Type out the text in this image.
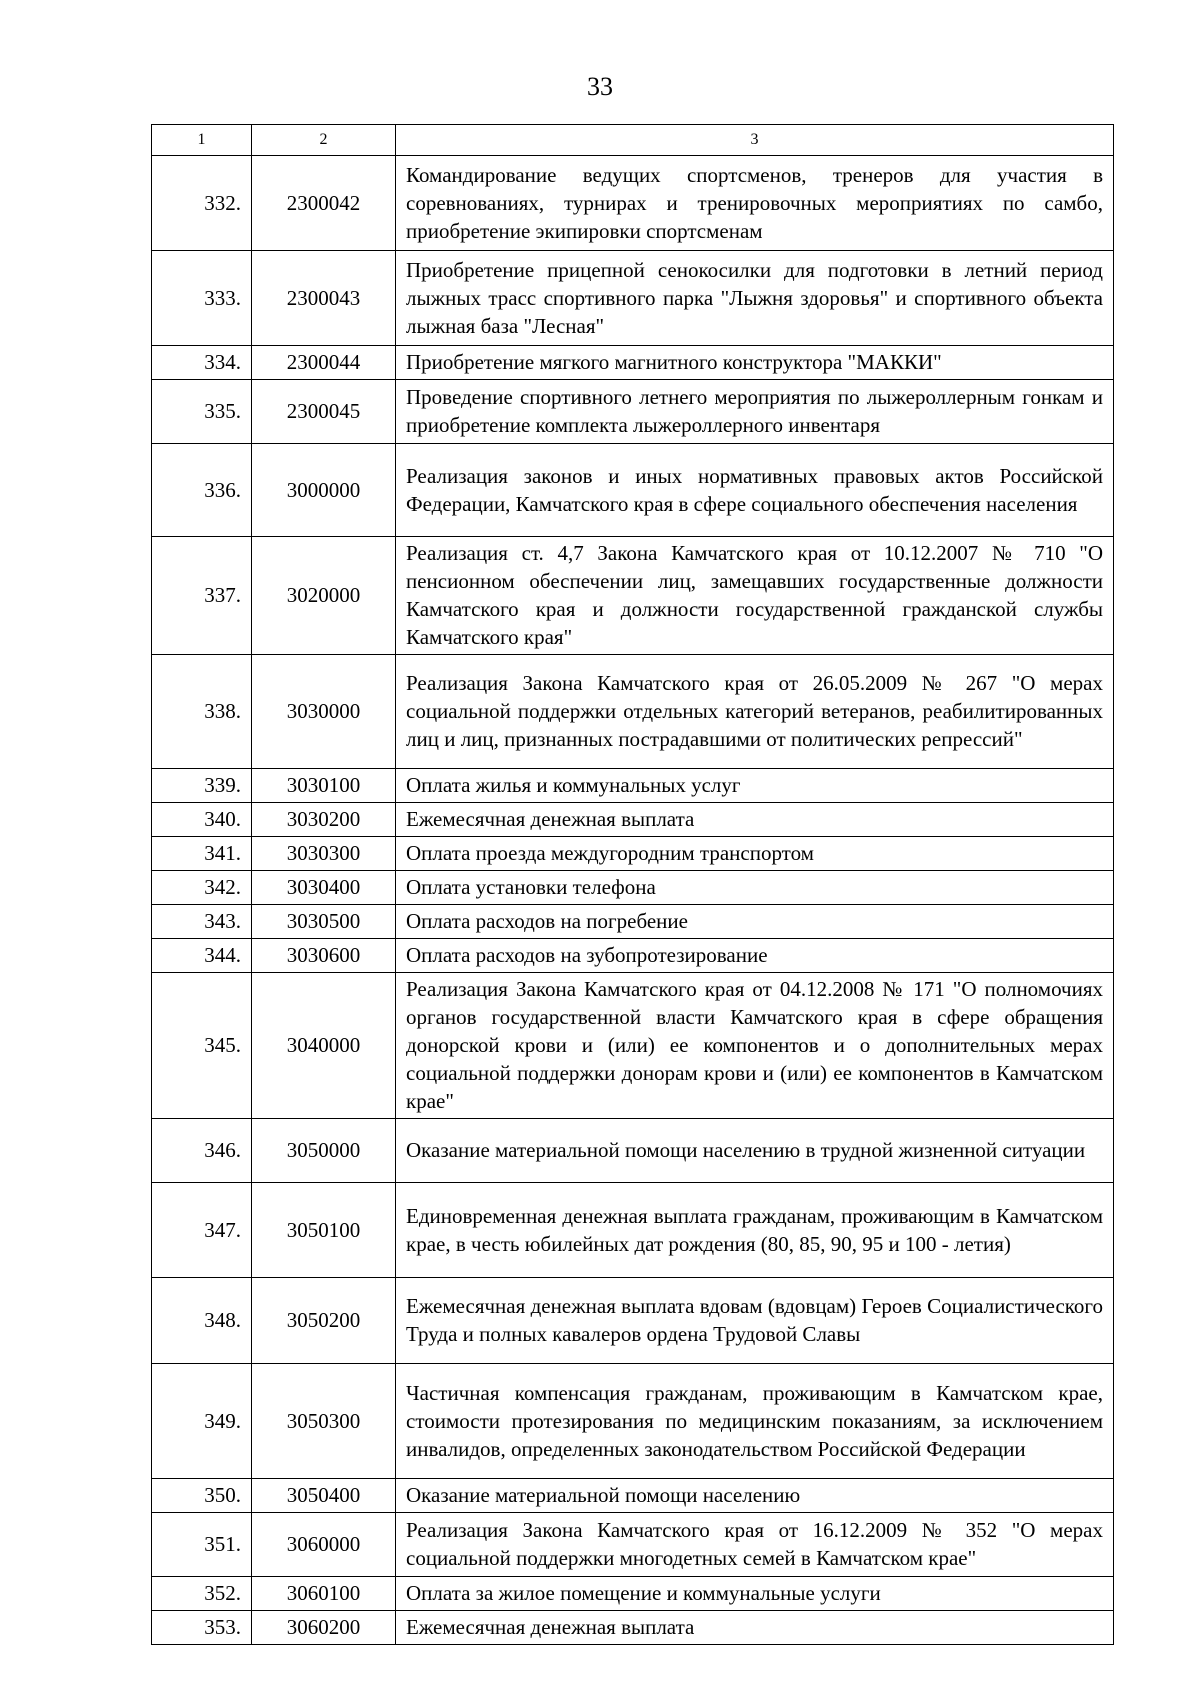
33
1	2	3
332.	2300042	Командирование ведущих спортсменов, тренеров для участия в соревнованиях, турнирах и тренировочных мероприятиях по самбо, приобретение экипировки спортсменам
333.	2300043	Приобретение прицепной сенокосилки для подготовки в летний период лыжных трасс спортивного парка "Лыжня здоровья" и спортивного объекта лыжная база "Лесная"
334.	2300044	Приобретение мягкого магнитного конструктора "МАККИ"
335.	2300045	Проведение спортивного летнего мероприятия по лыжероллерным гонкам и приобретение комплекта лыжероллерного инвентаря
336.	3000000	Реализация законов и иных нормативных правовых актов Российской Федерации, Камчатского края в сфере социального обеспечения населения
337.	3020000	Реализация ст. 4,7 Закона Камчатского края от 10.12.2007 № 710 "О пенсионном обеспечении лиц, замещавших государственные должности Камчатского края и должности государственной гражданской службы Камчатского края"
338.	3030000	Реализация Закона Камчатского края от 26.05.2009 № 267 "О мерах социальной поддержки отдельных категорий ветеранов, реабилитированных лиц и лиц, признанных пострадавшими от политических репрессий"
339.	3030100	Оплата жилья и коммунальных услуг
340.	3030200	Ежемесячная денежная выплата
341.	3030300	Оплата проезда междугородним транспортом
342.	3030400	Оплата установки телефона
343.	3030500	Оплата расходов на погребение
344.	3030600	Оплата расходов на зубопротезирование
345.	3040000	Реализация Закона Камчатского края от 04.12.2008 № 171 "О полномочиях органов государственной власти Камчатского края в сфере обращения донорской крови и (или) ее компонентов и о дополнительных мерах социальной поддержки донорам крови и (или) ее компонентов в Камчатском крае"
346.	3050000	Оказание материальной помощи населению в трудной жизненной ситуации
347.	3050100	Единовременная денежная выплата гражданам, проживающим в Камчатском крае, в честь юбилейных дат рождения (80, 85, 90, 95 и 100 - летия)
348.	3050200	Ежемесячная денежная выплата вдовам (вдовцам) Героев Социалистического Труда и полных кавалеров ордена Трудовой Славы
349.	3050300	Частичная компенсация гражданам, проживающим в Камчатском крае, стоимости протезирования по медицинским показаниям, за исключением инвалидов, определенных законодательством Российской Федерации
350.	3050400	Оказание материальной помощи населению
351.	3060000	Реализация Закона Камчатского края от 16.12.2009 № 352 "О мерах социальной поддержки многодетных семей в Камчатском крае"
352.	3060100	Оплата за жилое помещение и коммунальные услуги
353.	3060200	Ежемесячная денежная выплата
